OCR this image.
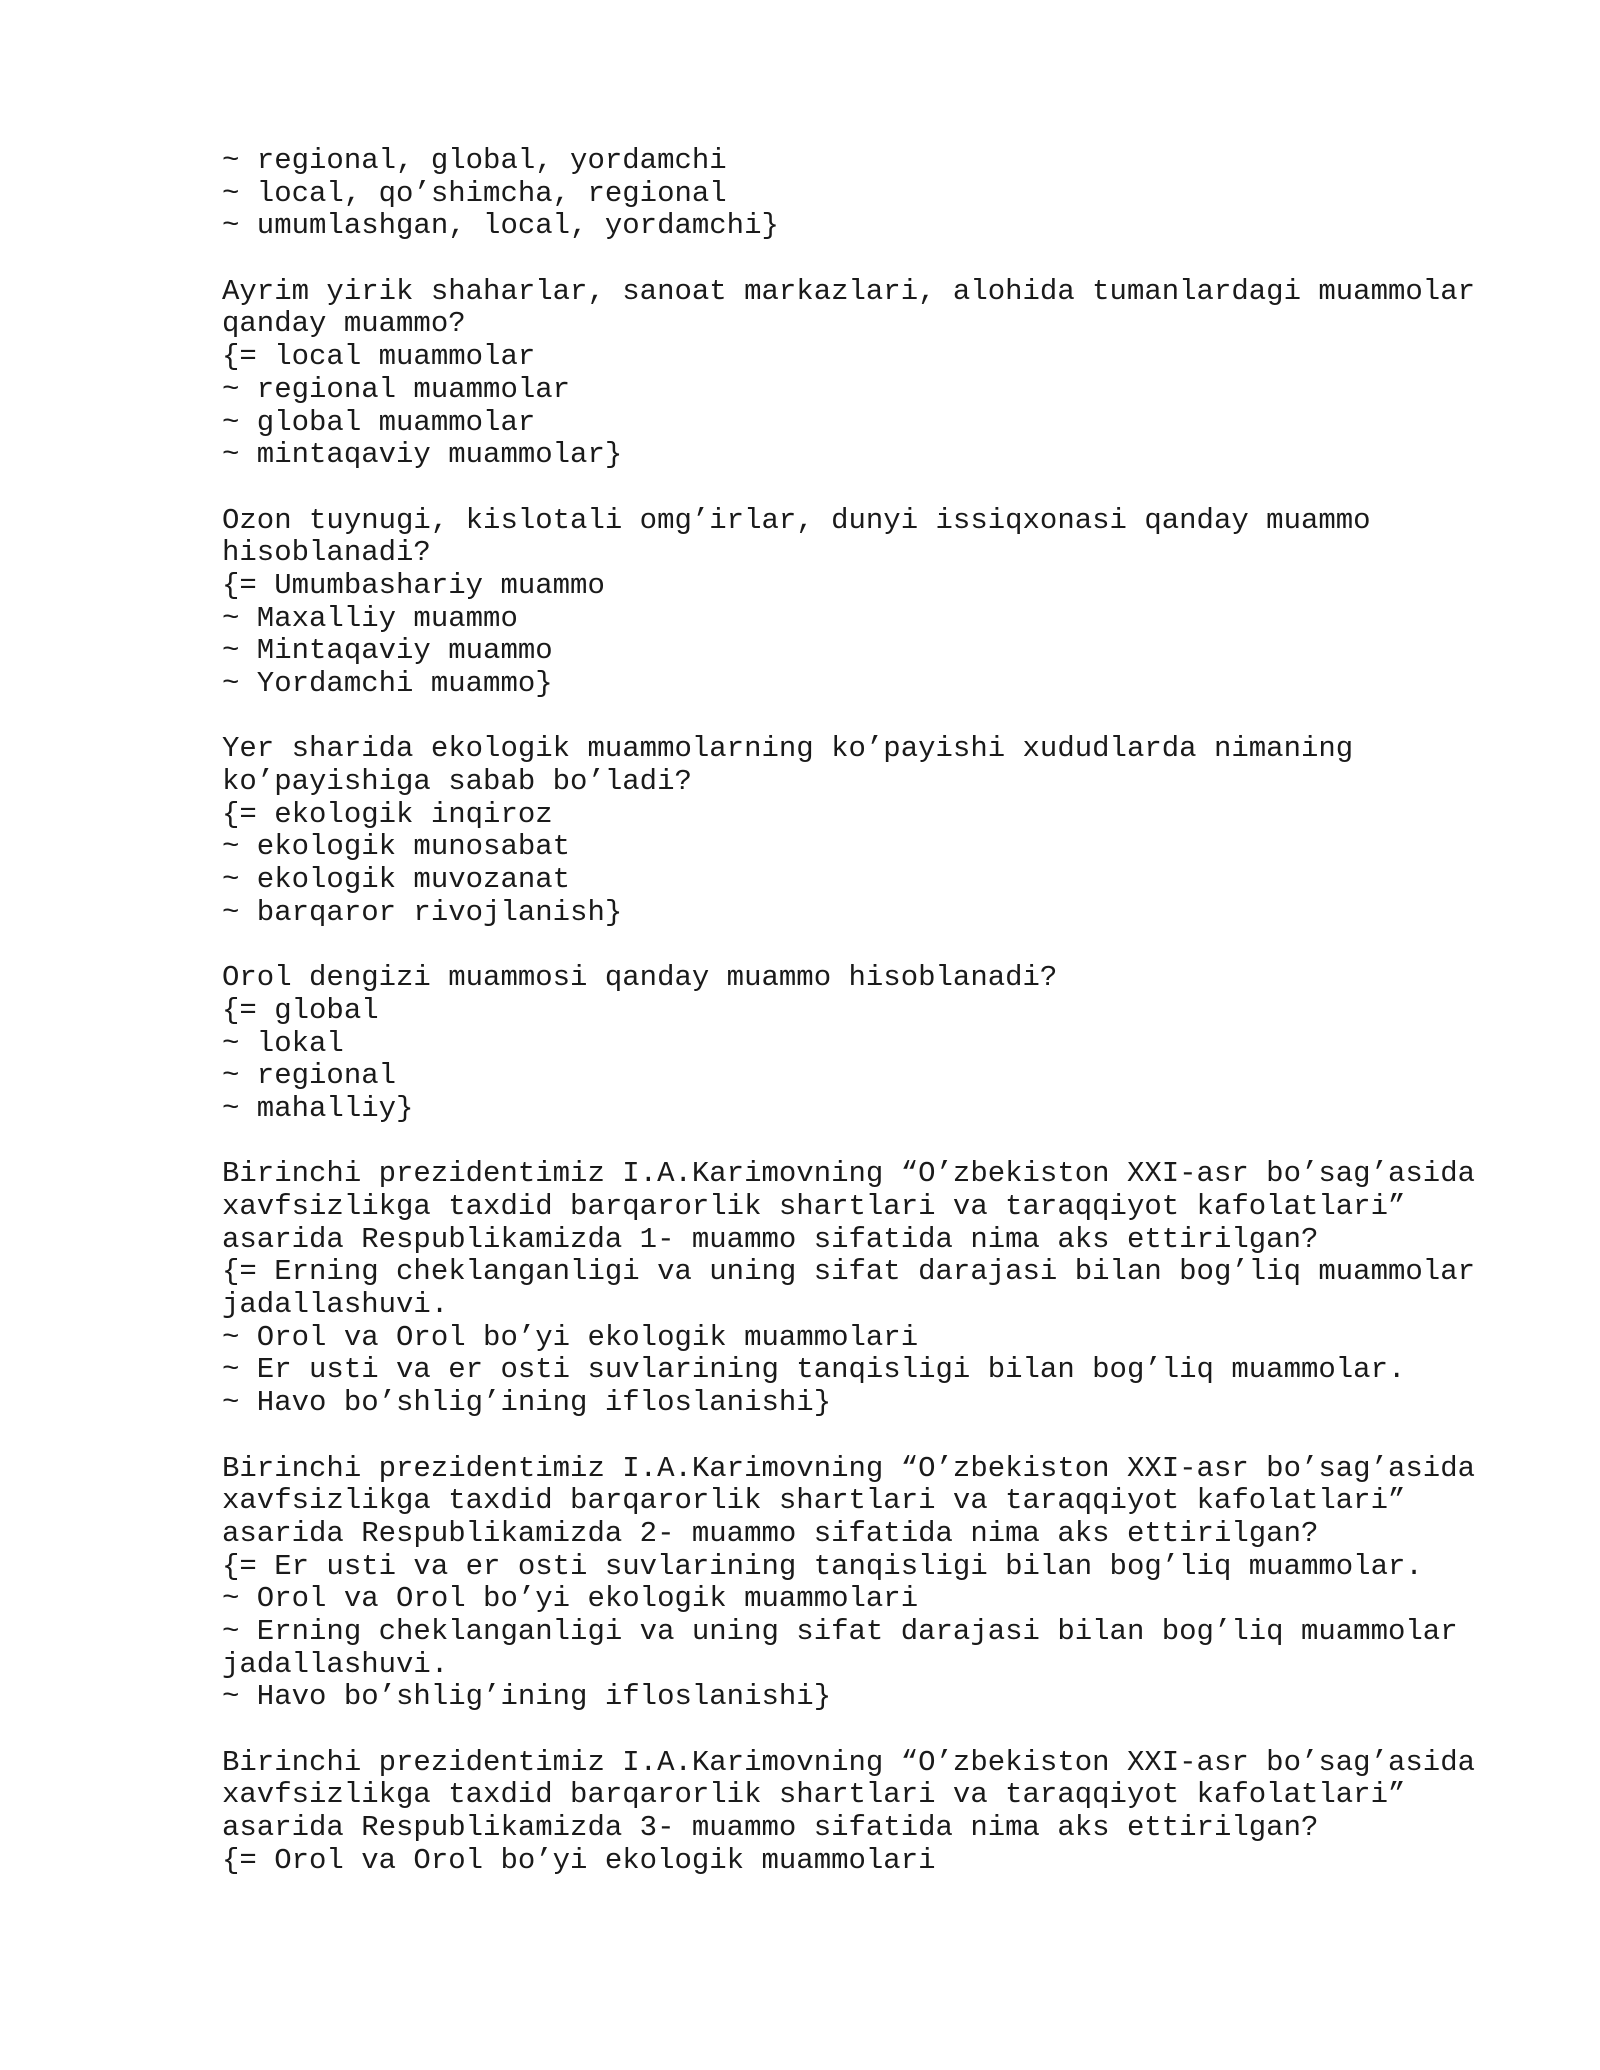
~ regional, global, yordamchi
~ local, qo’shimcha, regional
~ umumlashgan, local, yordamchi}
Ayrim yirik shaharlar, sanoat markazlari, alohida tumanlardagi muammolar
qanday muammo?
{= local muammolar
~ regional muammolar
~ global muammolar
~ mintaqaviy muammolar}
Ozon tuynugi, kislotali omg’irlar, dunyi issiqxonasi qanday muammo
hisoblanadi?
{= Umumbashariy muammo
~ Maxalliy muammo
~ Mintaqaviy muammo
~ Yordamchi muammo}
Yer sharida ekologik muammolarning ko’payishi xududlarda nimaning
ko’payishiga sabab bo’ladi?
{= ekologik inqiroz
~ ekologik munosabat
~ ekologik muvozanat
~ barqaror rivojlanish}
Orol dengizi muammosi qanday muammo hisoblanadi?
{= global
~ lokal
~ regional
~ mahalliy}
Birinchi prezidentimiz I.A.Karimovning “O’zbekiston XXI-asr bo’sag’asida
xavfsizlikga taxdid barqarorlik shartlari va taraqqiyot kafolatlari”
asarida Respublikamizda 1- muammo sifatida nima aks ettirilgan?
{= Erning cheklanganligi va uning sifat darajasi bilan bog’liq muammolar
jadallashuvi.
~ Orol va Orol bo’yi ekologik muammolari
~ Er usti va er osti suvlarining tanqisligi bilan bog’liq muammolar.
~ Havo bo’shlig’ining ifloslanishi}
Birinchi prezidentimiz I.A.Karimovning “O’zbekiston XXI-asr bo’sag’asida
xavfsizlikga taxdid barqarorlik shartlari va taraqqiyot kafolatlari”
asarida Respublikamizda 2- muammo sifatida nima aks ettirilgan?
{= Er usti va er osti suvlarining tanqisligi bilan bog’liq muammolar.
~ Orol va Orol bo’yi ekologik muammolari
~ Erning cheklanganligi va uning sifat darajasi bilan bog’liq muammolar
jadallashuvi.
~ Havo bo’shlig’ining ifloslanishi}
Birinchi prezidentimiz I.A.Karimovning “O’zbekiston XXI-asr bo’sag’asida
xavfsizlikga taxdid barqarorlik shartlari va taraqqiyot kafolatlari”
asarida Respublikamizda 3- muammo sifatida nima aks ettirilgan?
{= Orol va Orol bo’yi ekologik muammolari
